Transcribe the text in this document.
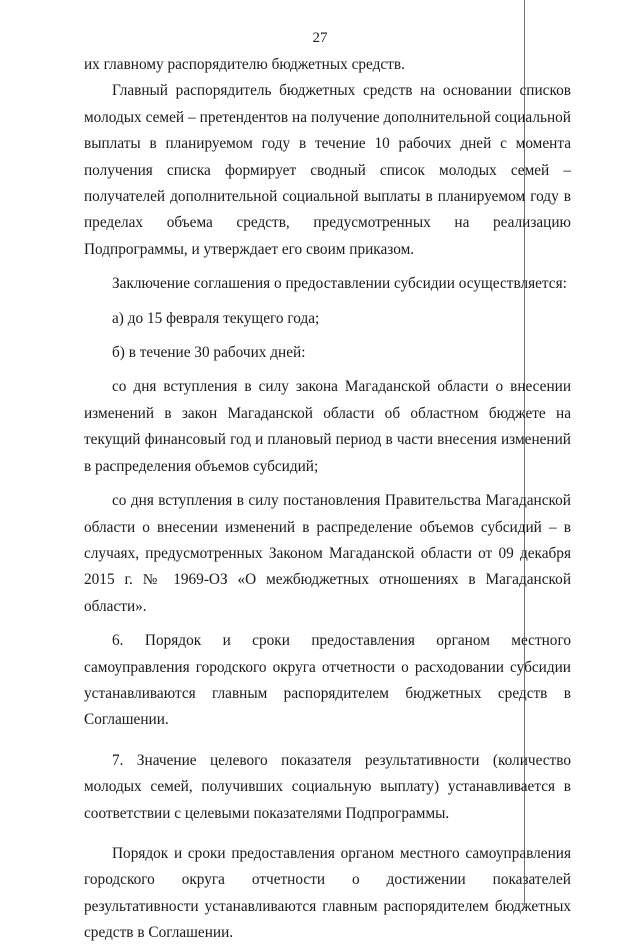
27

их главному распорядителю бюджетных средств.

Главный распорядитель бюджетных средств на основании списков молодых семей – претендентов на получение дополнительной социальной выплаты в планируемом году в течение 10 рабочих дней с момента получения списка формирует сводный список молодых семей –получателей дополнительной социальной выплаты в планируемом году в пределах объема средств, предусмотренных на реализацию Подпрограммы, и утверждает его своим приказом.

Заключение соглашения о предоставлении субсидии осуществляется:

а) до 15 февраля текущего года;

б) в течение 30 рабочих дней:

со дня вступления в силу закона Магаданской области о внесении изменений в закон Магаданской области об областном бюджете на текущий финансовый год и плановый период в части внесения изменений в распределения объемов субсидий;

со дня вступления в силу постановления Правительства Магаданской области о внесении изменений в распределение объемов субсидий – в случаях, предусмотренных Законом Магаданской области от 09 декабря 2015 г. № 1969-ОЗ «О межбюджетных отношениях в Магаданской области».

6. Порядок и сроки предоставления органом местного самоуправления городского округа отчетности о расходовании субсидии устанавливаются главным распорядителем бюджетных средств в Соглашении.

7. Значение целевого показателя результативности (количество молодых семей, получивших социальную выплату) устанавливается в соответствии с целевыми показателями Подпрограммы.

Порядок и сроки предоставления органом местного самоуправления городского округа отчетности о достижении показателей результативности устанавливаются главным распорядителем бюджетных средств в Соглашении.
